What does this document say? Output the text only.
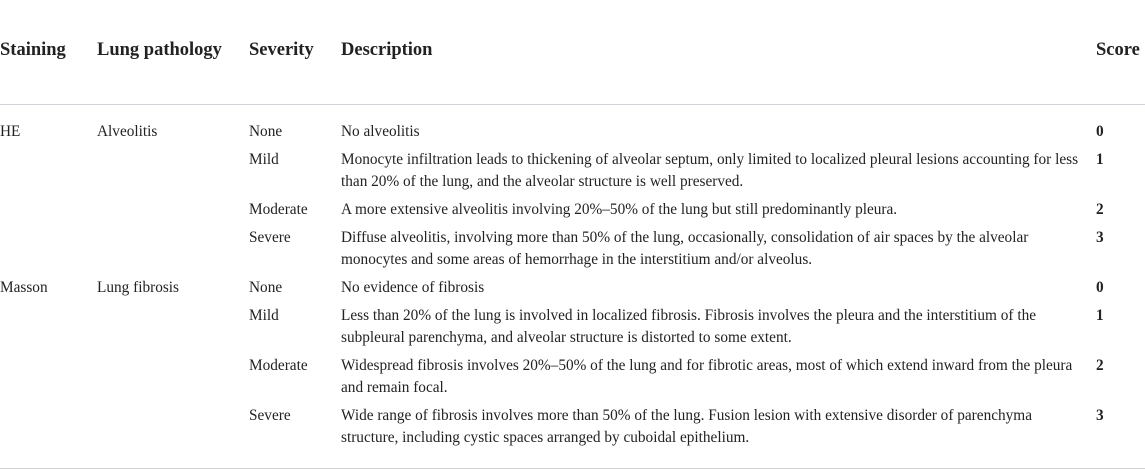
Staining	Lung pathology	Severity	Description	Score
HE	Alveolitis	None	No alveolitis	0
		Mild	Monocyte infiltration leads to thickening of alveolar septum, only limited to localized pleural lesions accounting for less than 20% of the lung, and the alveolar structure is well preserved.	1
		Moderate	A more extensive alveolitis involving 20%–50% of the lung but still predominantly pleura.	2
		Severe	Diffuse alveolitis, involving more than 50% of the lung, occasionally, consolidation of air spaces by the alveolar monocytes and some areas of hemorrhage in the interstitium and/or alveolus.	3
Masson	Lung fibrosis	None	No evidence of fibrosis	0
		Mild	Less than 20% of the lung is involved in localized fibrosis. Fibrosis involves the pleura and the interstitium of the subpleural parenchyma, and alveolar structure is distorted to some extent.	1
		Moderate	Widespread fibrosis involves 20%–50% of the lung and for fibrotic areas, most of which extend inward from the pleura and remain focal.	2
		Severe	Wide range of fibrosis involves more than 50% of the lung. Fusion lesion with extensive disorder of parenchyma structure, including cystic spaces arranged by cuboidal epithelium.	3
